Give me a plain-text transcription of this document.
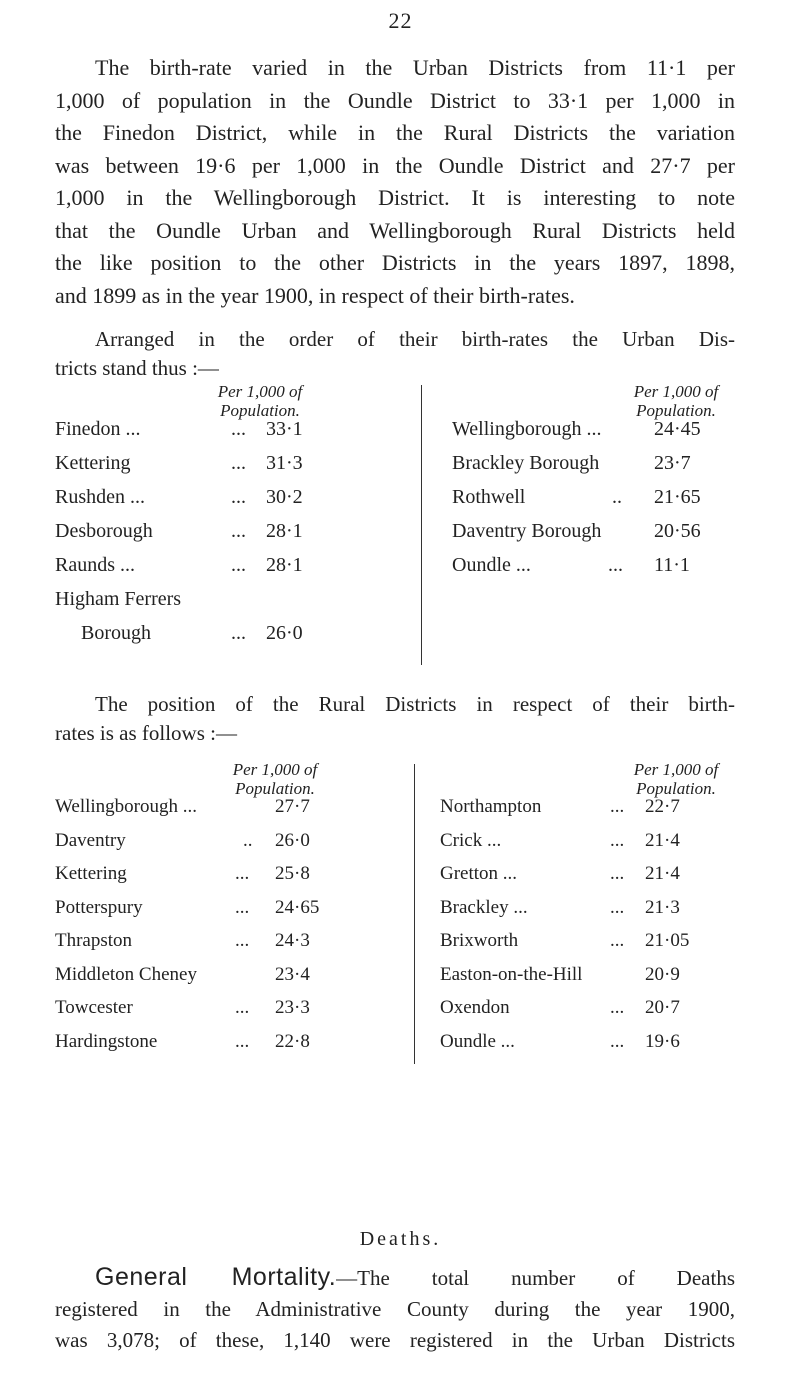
22
The birth-rate varied in the Urban Districts from 11·1 per
1,000 of population in the Oundle District to 33·1 per 1,000 in
the Finedon District, while in the Rural Districts the variation
was between 19·6 per 1,000 in the Oundle District and 27·7 per
1,000 in the Wellingborough District. It is interesting to note
that the Oundle Urban and Wellingborough Rural Districts held
the like position to the other Districts in the years 1897, 1898,
and 1899 as in the year 1900, in respect of their birth-rates.
Arranged in the order of their birth-rates the Urban Dis-
tricts stand thus :—
Per 1,000 of
Population.
Per 1,000 of
Population.
Finedon ...	... 33·1
Kettering	... 31·3
Rushden ...	... 30·2
Desborough	... 28·1
Raunds ...	... 28·1
Higham Ferrers
Borough	... 26·0
Wellingborough ...	24·45
Brackley Borough	23·7
Rothwell	.. 21·65
Daventry Borough	20·56
Oundle ...	... 11·1
The position of the Rural Districts in respect of their birth-
rates is as follows :—
Per 1,000 of
Population.
Per 1,000 of
Population.
Wellingborough ...	27·7
Daventry	.. 26·0
Kettering	... 25·8
Potterspury	... 24·65
Thrapston	... 24·3
Middleton Cheney	23·4
Towcester	... 23·3
Hardingstone	... 22·8
Northampton	... 22·7
Crick ...	... 21·4
Gretton ...	... 21·4
Brackley ...	... 21·3
Brixworth	... 21·05
Easton-on-the-Hill	20·9
Oxendon	... 20·7
Oundle ...	... 19·6
Deaths.
General Mortality.—The total number of Deaths
registered in the Administrative County during the year 1900,
was 3,078; of these, 1,140 were registered in the Urban Districts
